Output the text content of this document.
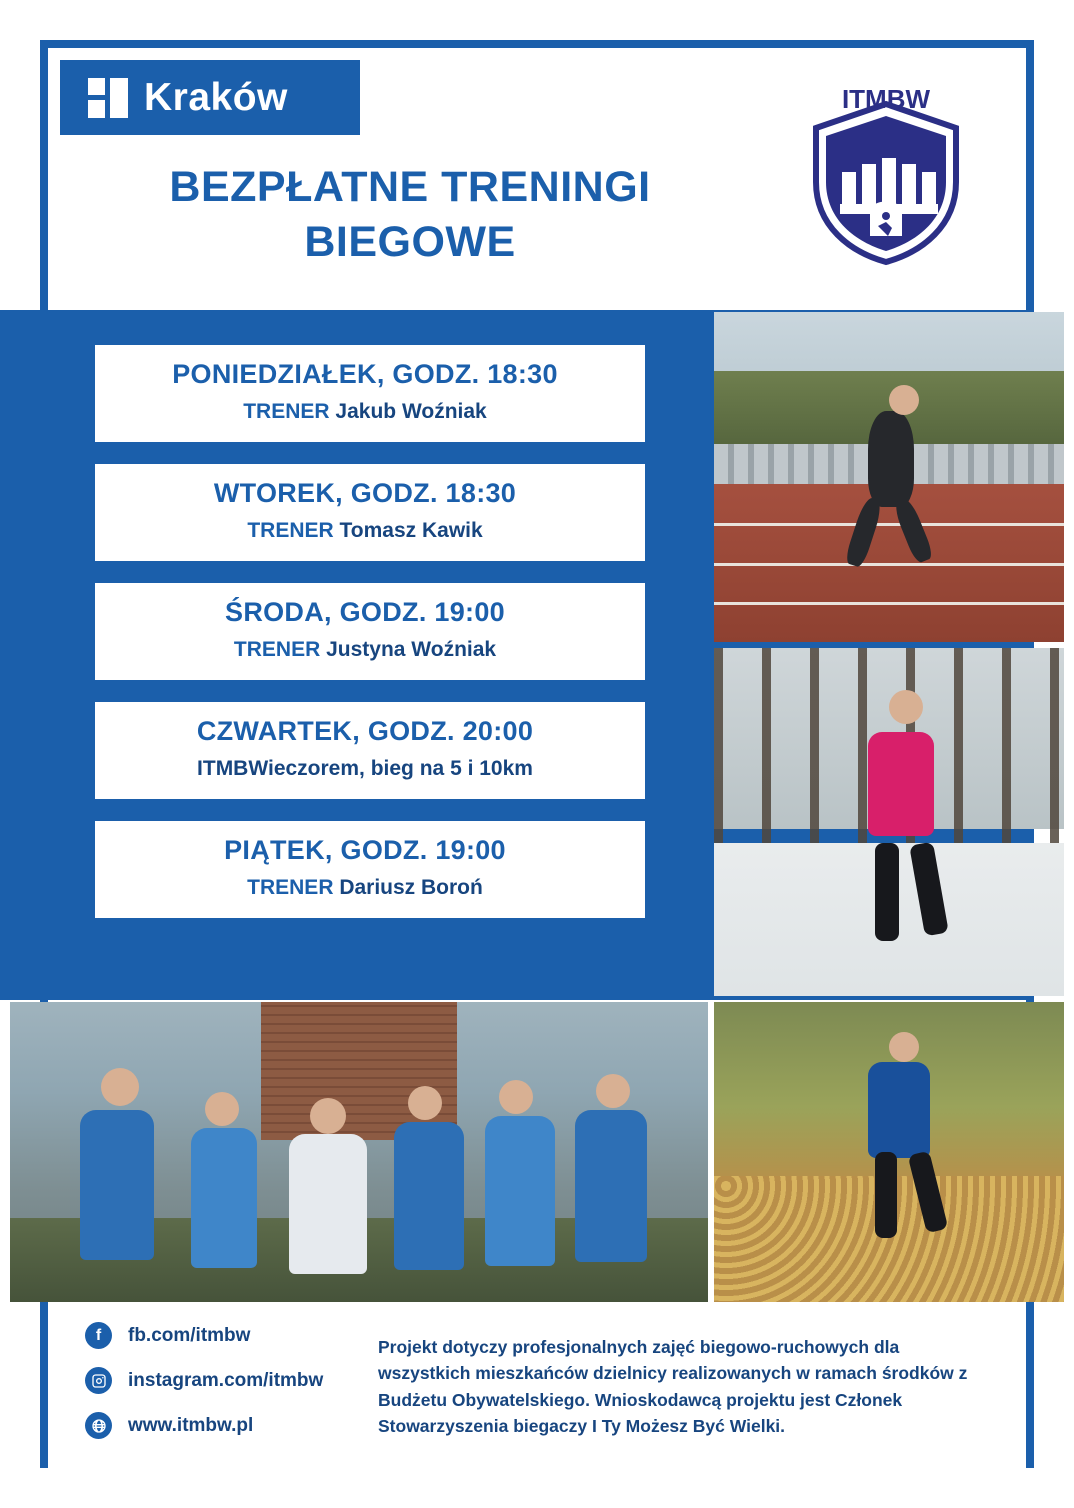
Kraków
BEZPŁATNE TRENINGI
BIEGOWE
ITMBW
PONIEDZIAŁEK, GODZ. 18:30
TRENER Jakub Woźniak
WTOREK, GODZ. 18:30
TRENER Tomasz Kawik
ŚRODA, GODZ. 19:00
TRENER Justyna Woźniak
CZWARTEK, GODZ. 20:00
ITMBWieczorem, bieg na 5 i 10km
PIĄTEK, GODZ. 19:00
TRENER Dariusz Boroń
f	fb.com/itmbw
instagram.com/itmbw
www.itmbw.pl
Projekt dotyczy profesjonalnych zajęć biegowo-ruchowych dla wszystkich mieszkańców dzielnicy realizowanych w ramach środków z Budżetu Obywatelskiego. Wnioskodawcą projektu jest Członek Stowarzyszenia biegaczy I Ty Możesz Być Wielki.
